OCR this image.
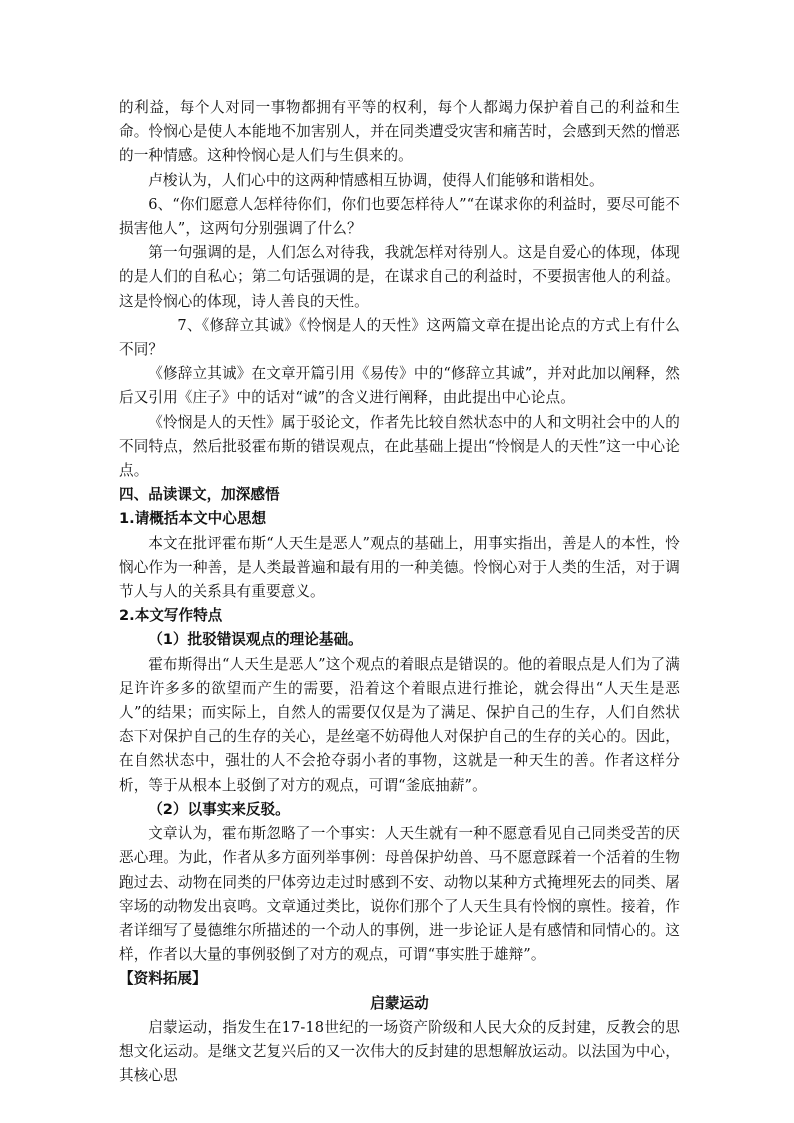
的利益，每个人对同一事物都拥有平等的权利，每个人都竭力保护着自己的利益和生命。怜悯心是使人本能地不加害别人，并在同类遭受灾害和痛苦时，会感到天然的憎恶的一种情感。这种怜悯心是人们与生俱来的。

卢梭认为，人们心中的这两种情感相互协调，使得人们能够和谐相处。

6、“你们愿意人怎样待你们，你们也要怎样待人”“在谋求你的利益时，要尽可能不损害他人”，这两句分别强调了什么？

第一句强调的是，人们怎么对待我，我就怎样对待别人。这是自爱心的体现，体现的是人们的自私心；第二句话强调的是，在谋求自己的利益时，不要损害他人的利益。这是怜悯心的体现，诗人善良的天性。

7、《修辞立其诚》《怜悯是人的天性》这两篇文章在提出论点的方式上有什么不同？

《修辞立其诚》在文章开篇引用《易传》中的“修辞立其诚”，并对此加以阐释，然后又引用《庄子》中的话对“诚”的含义进行阐释，由此提出中心论点。

《怜悯是人的天性》属于驳论文，作者先比较自然状态中的人和文明社会中的人的不同特点，然后批驳霍布斯的错误观点，在此基础上提出“怜悯是人的天性”这一中心论点。

四、品读课文，加深感悟

1.请概括本文中心思想

本文在批评霍布斯“人天生是恶人”观点的基础上，用事实指出，善是人的本性，怜悯心作为一种善，是人类最普遍和最有用的一种美德。怜悯心对于人类的生活，对于调节人与人的关系具有重要意义。

2.本文写作特点

（1）批驳错误观点的理论基础。

霍布斯得出“人天生是恶人”这个观点的着眼点是错误的。他的着眼点是人们为了满足许许多多的欲望而产生的需要，沿着这个着眼点进行推论，就会得出“人天生是恶人”的结果；而实际上，自然人的需要仅仅是为了满足、保护自己的生存，人们自然状态下对保护自己的生存的关心，是丝毫不妨碍他人对保护自己的生存的关心的。因此，在自然状态中，强壮的人不会抢夺弱小者的事物，这就是一种天生的善。作者这样分析，等于从根本上驳倒了对方的观点，可谓“釜底抽薪”。

（2）以事实来反驳。

文章认为，霍布斯忽略了一个事实：人天生就有一种不愿意看见自己同类受苦的厌恶心理。为此，作者从多方面列举事例：母兽保护幼兽、马不愿意踩着一个活着的生物跑过去、动物在同类的尸体旁边走过时感到不安、动物以某种方式掩埋死去的同类、屠宰场的动物发出哀鸣。文章通过类比，说你们那个了人天生具有怜悯的禀性。接着，作者详细写了曼德维尔所描述的一个动人的事例，进一步论证人是有感情和同情心的。这样，作者以大量的事例驳倒了对方的观点，可谓“事实胜于雄辩”。

【资料拓展】

启蒙运动

启蒙运动，指发生在17-18世纪的一场资产阶级和人民大众的反封建，反教会的思想文化运动。是继文艺复兴后的又一次伟大的反封建的思想解放运动。以法国为中心，其核心思
